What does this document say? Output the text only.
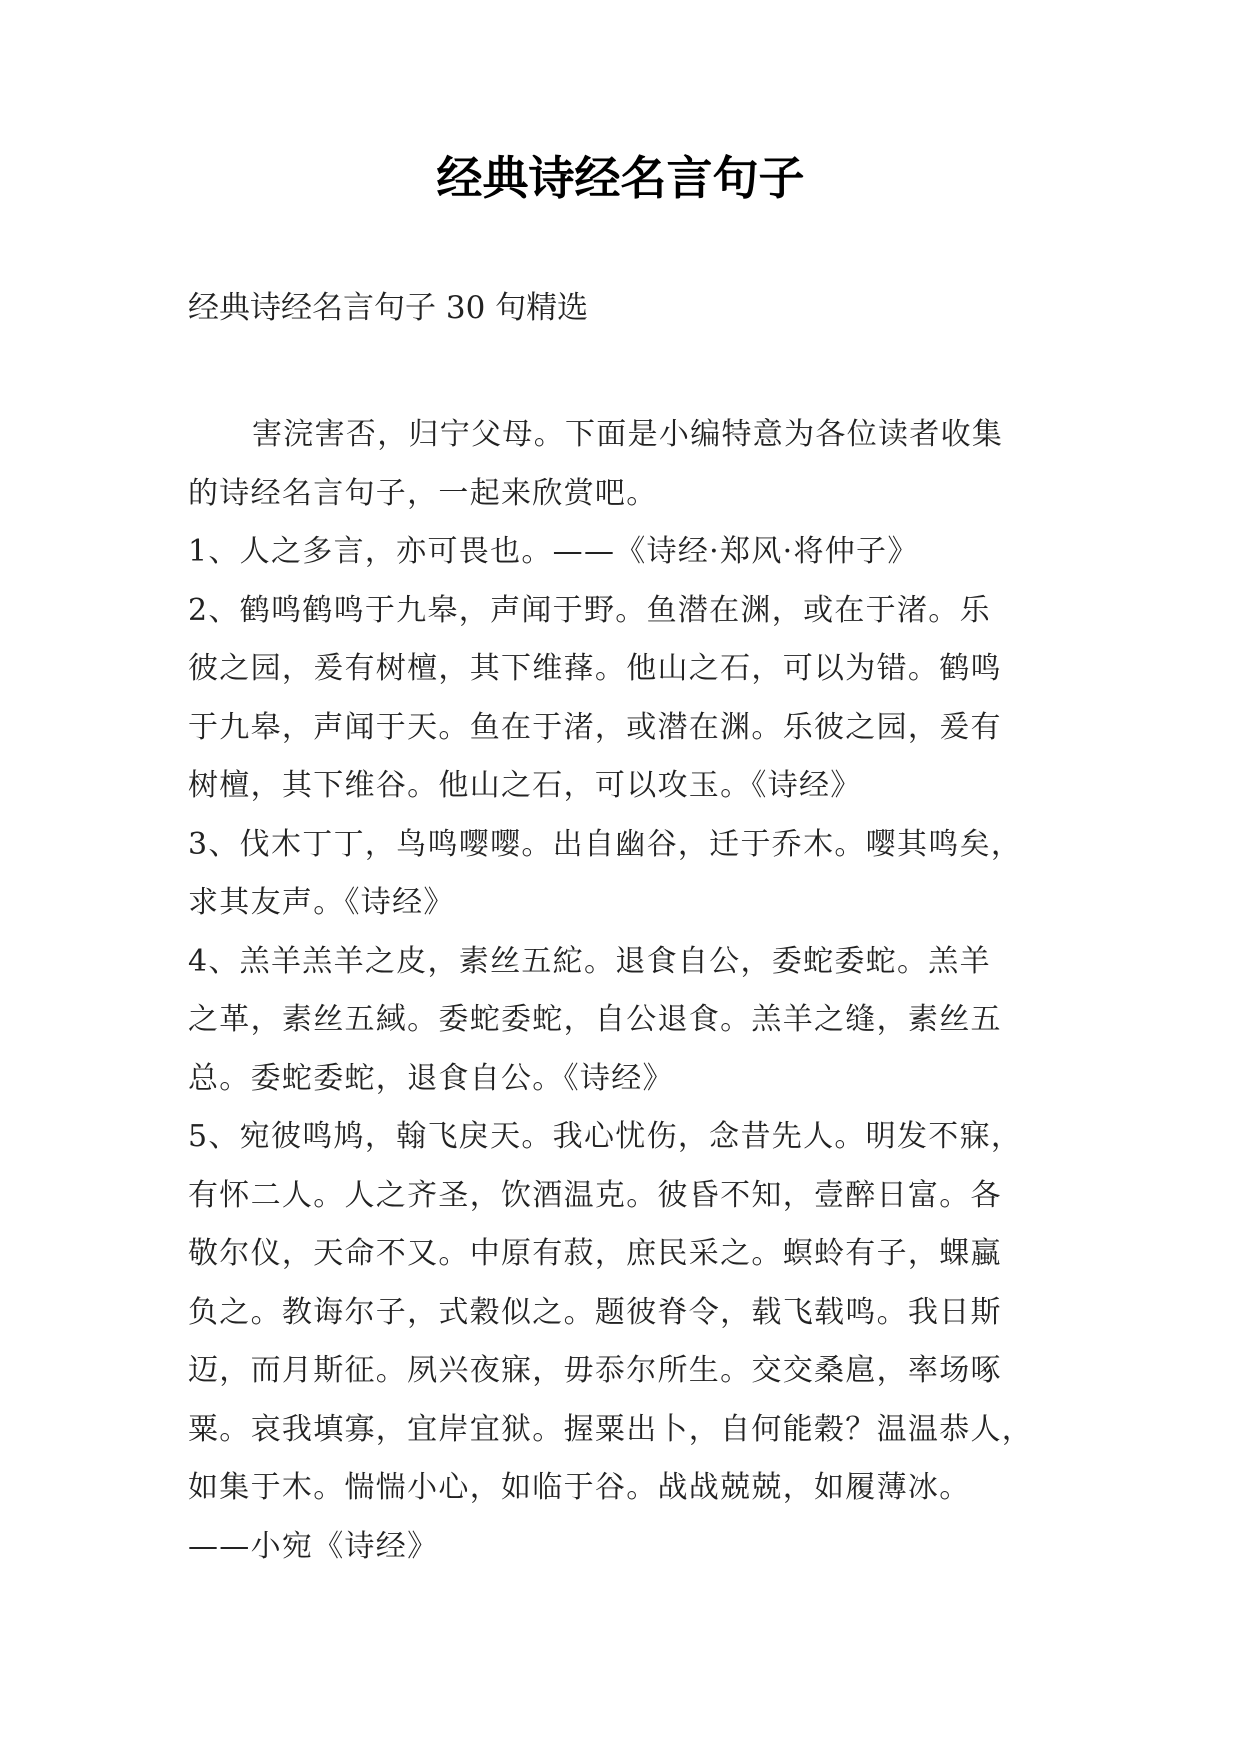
经典诗经名言句子

经典诗经名言句子 30 句精选

害浣害否，归宁父母。下面是小编特意为各位读者收集

的诗经名言句子，一起来欣赏吧。

1、人之多言，亦可畏也。——《诗经·郑风·将仲子》

2、鹤鸣鹤鸣于九皋，声闻于野。鱼潜在渊，或在于渚。乐

彼之园，爰有树檀，其下维萚。他山之石，可以为错。鹤鸣

于九皋，声闻于天。鱼在于渚，或潜在渊。乐彼之园，爰有

树檀，其下维谷。他山之石，可以攻玉。《诗经》

3、伐木丁丁，鸟鸣嘤嘤。出自幽谷，迁于乔木。嘤其鸣矣，

求其友声。《诗经》

4、羔羊羔羊之皮，素丝五紽。退食自公，委蛇委蛇。羔羊

之革，素丝五緎。委蛇委蛇，自公退食。羔羊之缝，素丝五

总。委蛇委蛇，退食自公。《诗经》

5、宛彼鸣鸠，翰飞戾天。我心忧伤，念昔先人。明发不寐，

有怀二人。人之齐圣，饮酒温克。彼昏不知，壹醉日富。各

敬尔仪，天命不又。中原有菽，庶民采之。螟蛉有子，蜾蠃

负之。教诲尔子，式穀似之。题彼脊令，载飞载鸣。我日斯

迈，而月斯征。夙兴夜寐，毋忝尔所生。交交桑扈，率场啄

粟。哀我填寡，宜岸宜狱。握粟出卜，自何能穀？温温恭人，

如集于木。惴惴小心，如临于谷。战战兢兢，如履薄冰。

——小宛《诗经》
